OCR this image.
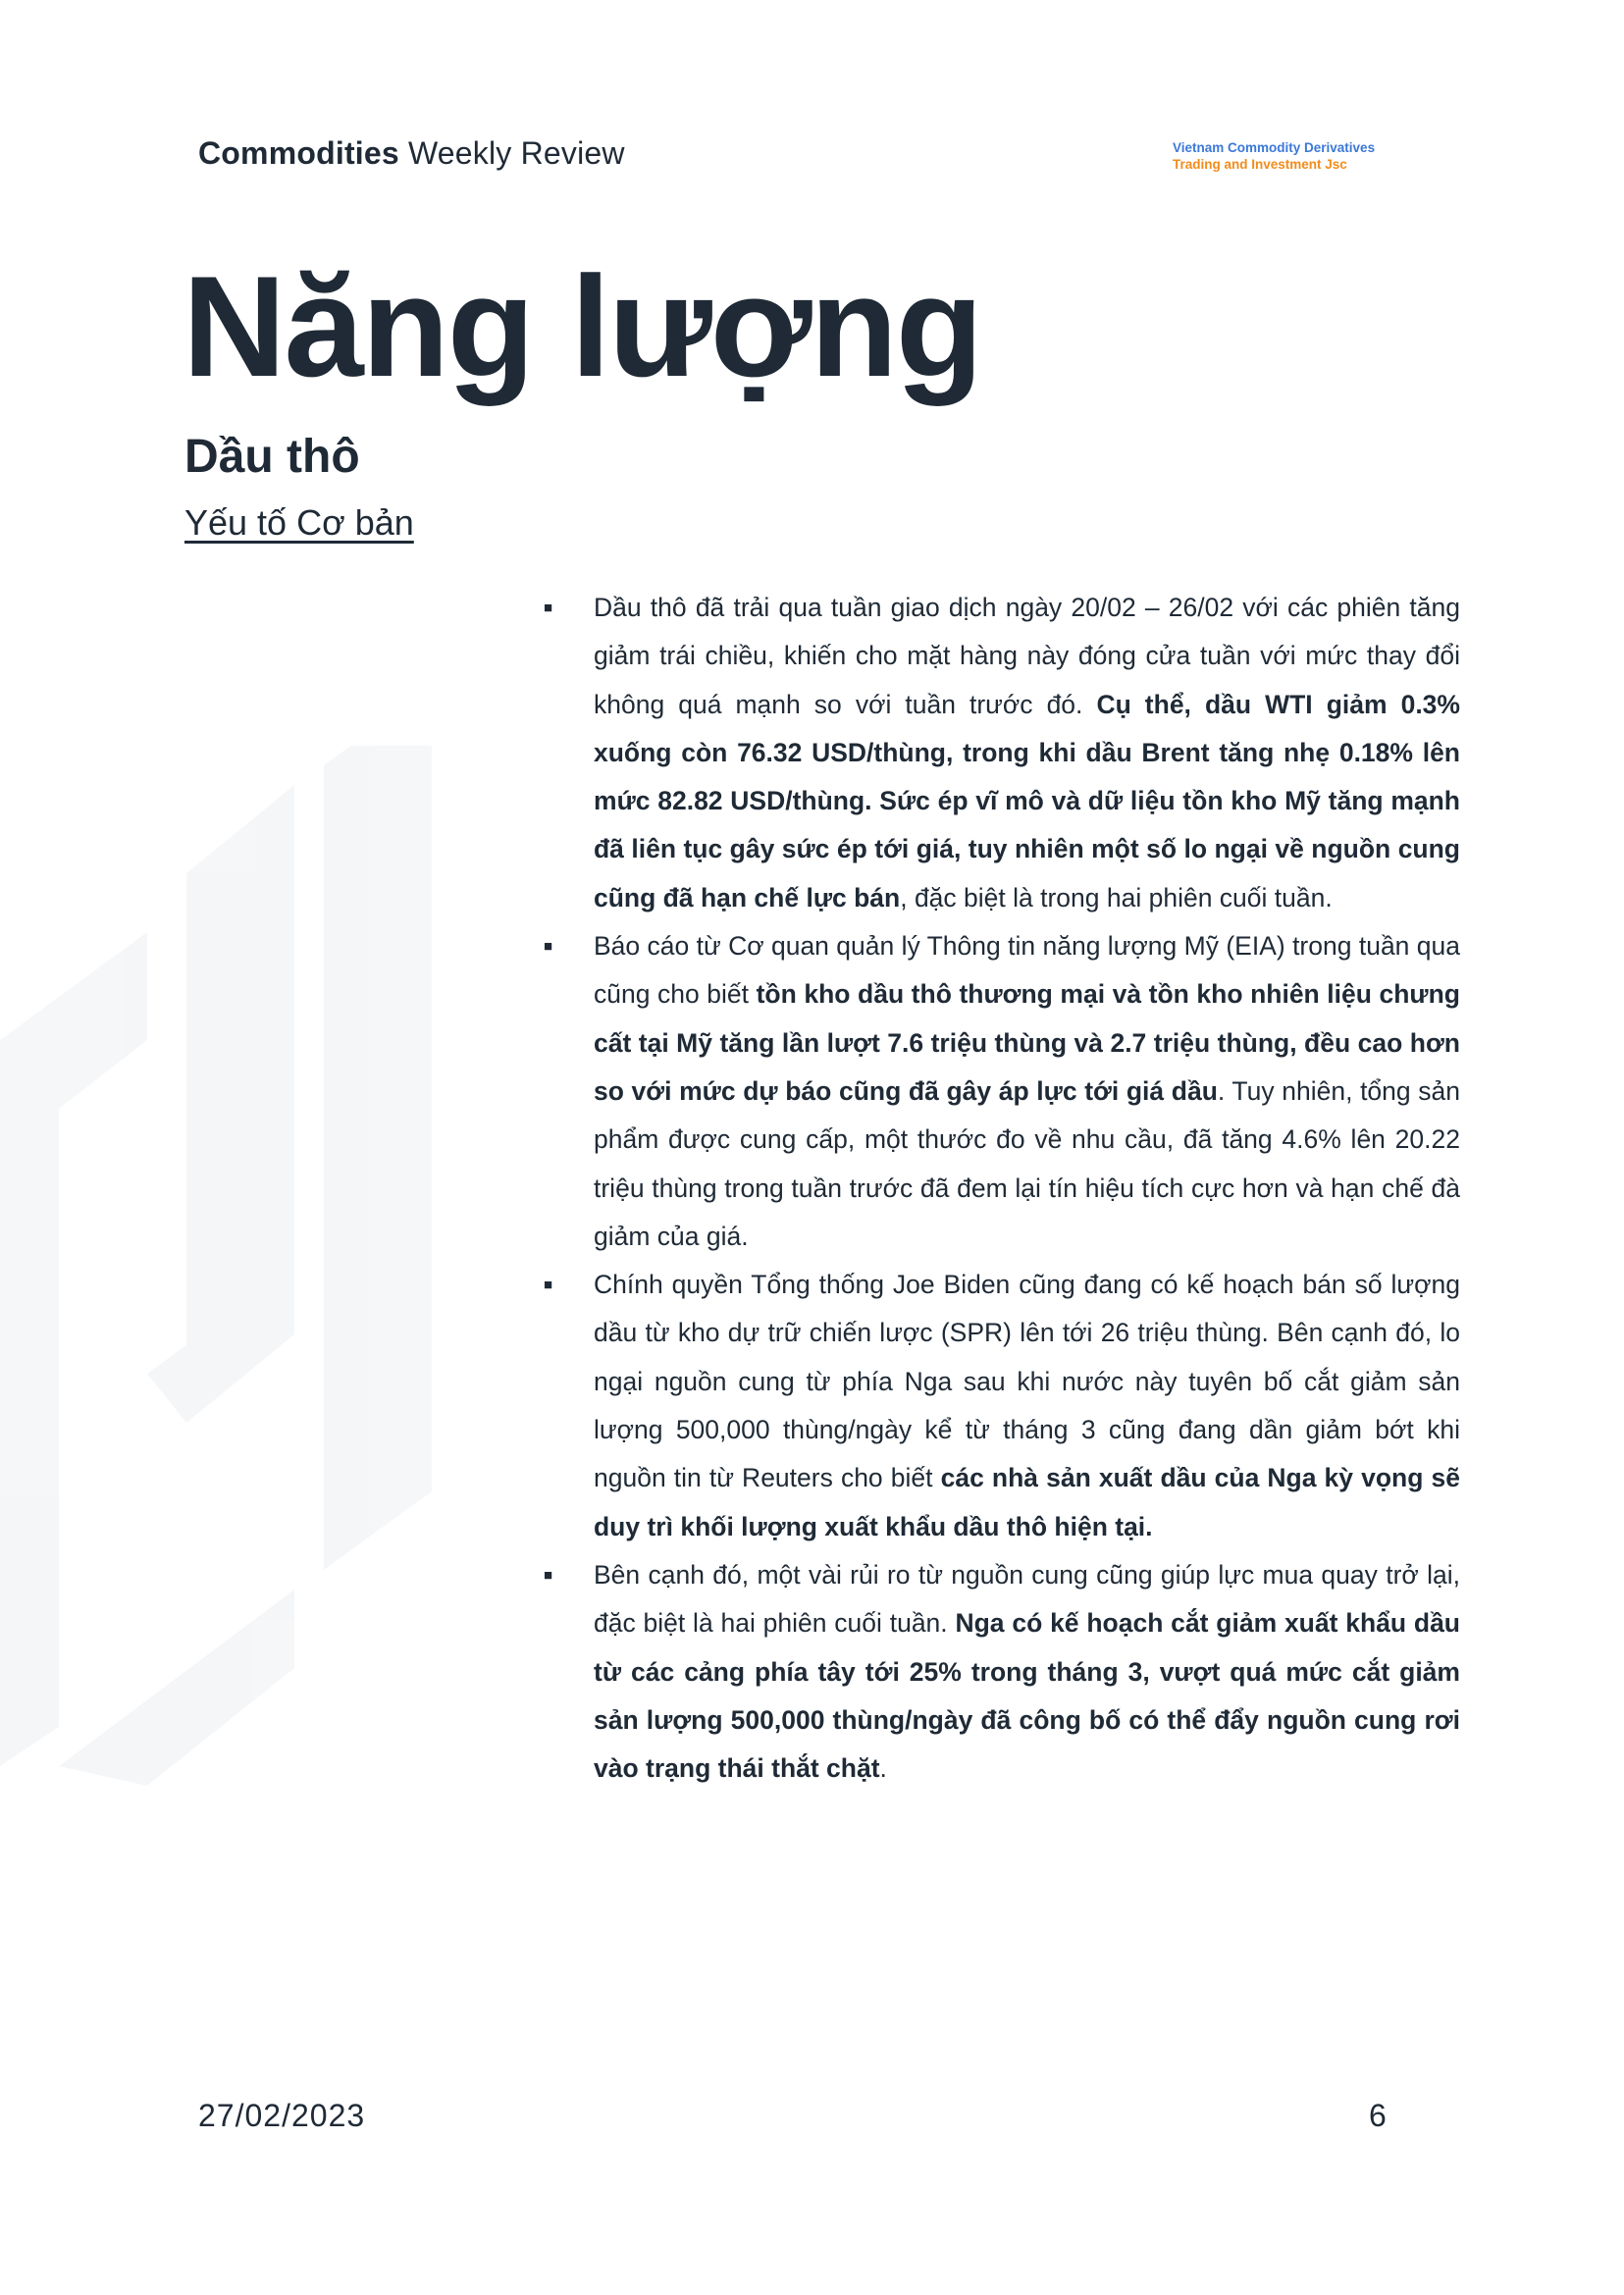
Commodities Weekly Review	Vietnam Commodity Derivatives
Trading and Investment Jsc
Năng lượng
Dầu thô
Yếu tố Cơ bản
■ Dầu thô đã trải qua tuần giao dịch ngày 20/02 – 26/02 với các phiên tăng giảm trái chiều, khiến cho mặt hàng này đóng cửa tuần với mức thay đổi không quá mạnh so với tuần trước đó. Cụ thể, dầu WTI giảm 0.3% xuống còn 76.32 USD/thùng, trong khi dầu Brent tăng nhẹ 0.18% lên mức 82.82 USD/thùng. Sức ép vĩ mô và dữ liệu tồn kho Mỹ tăng mạnh đã liên tục gây sức ép tới giá, tuy nhiên một số lo ngại về nguồn cung cũng đã hạn chế lực bán, đặc biệt là trong hai phiên cuối tuần.
■ Báo cáo từ Cơ quan quản lý Thông tin năng lượng Mỹ (EIA) trong tuần qua cũng cho biết tồn kho dầu thô thương mại và tồn kho nhiên liệu chưng cất tại Mỹ tăng lần lượt 7.6 triệu thùng và 2.7 triệu thùng, đều cao hơn so với mức dự báo cũng đã gây áp lực tới giá dầu. Tuy nhiên, tổng sản phẩm được cung cấp, một thước đo về nhu cầu, đã tăng 4.6% lên 20.22 triệu thùng trong tuần trước đã đem lại tín hiệu tích cực hơn và hạn chế đà giảm của giá.
■ Chính quyền Tổng thống Joe Biden cũng đang có kế hoạch bán số lượng dầu từ kho dự trữ chiến lược (SPR) lên tới 26 triệu thùng. Bên cạnh đó, lo ngại nguồn cung từ phía Nga sau khi nước này tuyên bố cắt giảm sản lượng 500,000 thùng/ngày kể từ tháng 3 cũng đang dần giảm bớt khi nguồn tin từ Reuters cho biết các nhà sản xuất dầu của Nga kỳ vọng sẽ duy trì khối lượng xuất khẩu dầu thô hiện tại.
■ Bên cạnh đó, một vài rủi ro từ nguồn cung cũng giúp lực mua quay trở lại, đặc biệt là hai phiên cuối tuần. Nga có kế hoạch cắt giảm xuất khẩu dầu từ các cảng phía tây tới 25% trong tháng 3, vượt quá mức cắt giảm sản lượng 500,000 thùng/ngày đã công bố có thể đẩy nguồn cung rơi vào trạng thái thắt chặt.
27/02/2023	6
